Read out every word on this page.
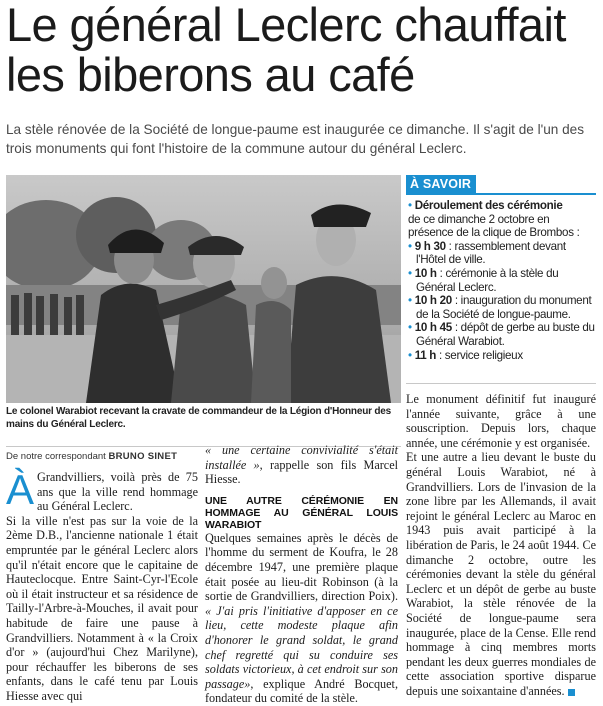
Le général Leclerc chauffait
les biberons au café

La stèle rénovée de la Société de longue-paume est inaugurée ce dimanche. Il s'agit de l'un des trois monuments qui font l'histoire de la commune autour du général Leclerc.

Le colonel Warabiot recevant la cravate de commandeur de la Légion d'Honneur des mains du Général Leclerc.
De notre correspondant BRUNO SINET

À Grandvilliers, voilà près de 75 ans que la ville rend hommage au Général Leclerc.

Si la ville n'est pas sur la voie de la 2ème D.B., l'ancienne nationale 1 était empruntée par le général Leclerc alors qu'il n'était encore que le capitaine de Hauteclocque. Entre Saint-Cyr-l'Ecole où il était instructeur et sa résidence de Tailly-l'Arbre-à-Mouches, il avait pour habitude de faire une pause à Grandvilliers. Notamment à « la Croix d'or » (aujourd'hui Chez Marilyne), pour réchauffer les biberons de ses enfants, dans le café tenu par Louis Hiesse avec qui

« une certaine convivialité s'était installée », rappelle son fils Marcel Hiesse.

UNE AUTRE CÉRÉMONIE EN HOMMAGE AU GÉNÉRAL LOUIS WARABIOT

Quelques semaines après le décès de l'homme du serment de Koufra, le 28 décembre 1947, une première plaque était posée au lieu-dit Robinson (à la sortie de Grandvilliers, direction Poix). « J'ai pris l'initiative d'apposer en ce lieu, cette modeste plaque afin d'honorer le grand soldat, le grand chef regretté qui su conduire ses soldats victorieux, à cet endroit sur son passage», explique André Bocquet, fondateur du comité de la stèle.

À SAVOIR

• Déroulement des cérémonie

de ce dimanche 2 octobre en présence de la clique de Brombos :

• 9 h 30 : rassemblement devant l'Hôtel de ville.

• 10 h : cérémonie à la stèle du Général Leclerc.

• 10 h 20 : inauguration du monument de la Société de longue-paume.

• 10 h 45 : dépôt de gerbe au buste du Général Warabiot.

• 11 h : service religieux

Le monument définitif fut inauguré l'année suivante, grâce à une souscription. Depuis lors, chaque année, une cérémonie y est organisée.

Et une autre a lieu devant le buste du général Louis Warabiot, né à Grandvilliers. Lors de l'invasion de la zone libre par les Allemands, il avait rejoint le général Leclerc au Maroc en 1943 puis avait participé à la libération de Paris, le 24 août 1944. Ce dimanche 2 octobre, outre les cérémonies devant la stèle du général Leclerc et un dépôt de gerbe au buste Warabiot, la stèle rénovée de la Société de longue-paume sera inaugurée, place de la Cense. Elle rend hommage à cinq membres morts pendant les deux guerres mondiales de cette association sportive disparue depuis une soixantaine d'années.
